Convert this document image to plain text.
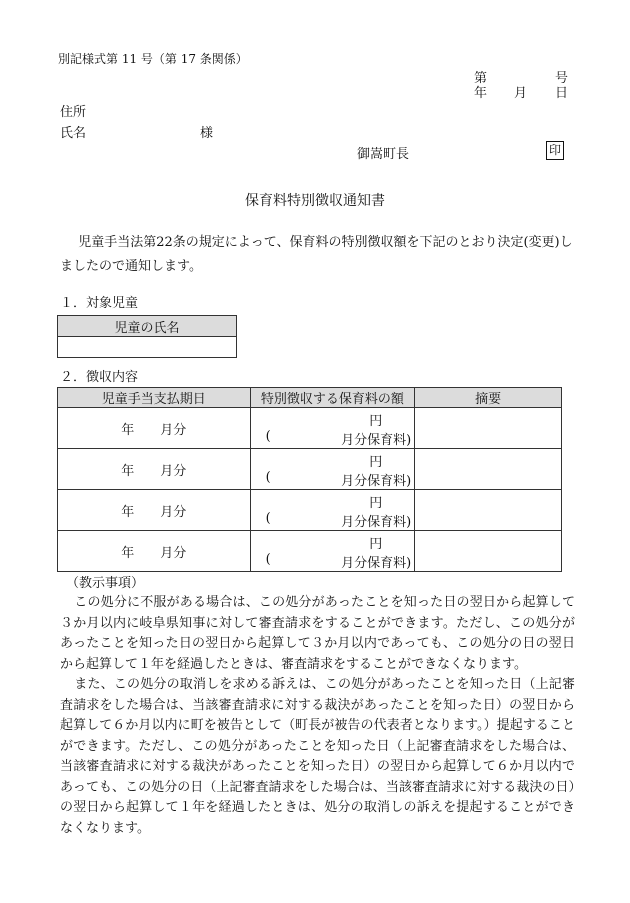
別記様式第 11 号（第 17 条関係）
第	号
年 月 日
住所
氏名	様
御嵩町長	印
保育料特別徴収通知書

児童手当法第22条の規定によって、保育料の特別徴収額を下記のとおり決定(変更)しましたので通知します。

１．対象児童
児童の氏名

２．徴収内容
児童手当支払期日	特別徴収する保育料の額	摘要
年　　月分	円
( 月分保育料)	

年　　月分	円
( 月分保育料)	

年　　月分	円
( 月分保育料)	

年　　月分	円
( 月分保育料)	

（教示事項）

この処分に不服がある場合は、この処分があったことを知った日の翌日から起算して３か月以内に岐阜県知事に対して審査請求をすることができます。ただし、この処分があったことを知った日の翌日から起算して３か月以内であっても、この処分の日の翌日から起算して１年を経過したときは、審査請求をすることができなくなります。

また、この処分の取消しを求める訴えは、この処分があったことを知った日（上記審査請求をした場合は、当該審査請求に対する裁決があったことを知った日）の翌日から起算して６か月以内に町を被告として（町長が被告の代表者となります。）提起することができます。ただし、この処分があったことを知った日（上記審査請求をした場合は、当該審査請求に対する裁決があったことを知った日）の翌日から起算して６か月以内であっても、この処分の日（上記審査請求をした場合は、当該審査請求に対する裁決の日）の翌日から起算して１年を経過したときは、処分の取消しの訴えを提起することができなくなります。
